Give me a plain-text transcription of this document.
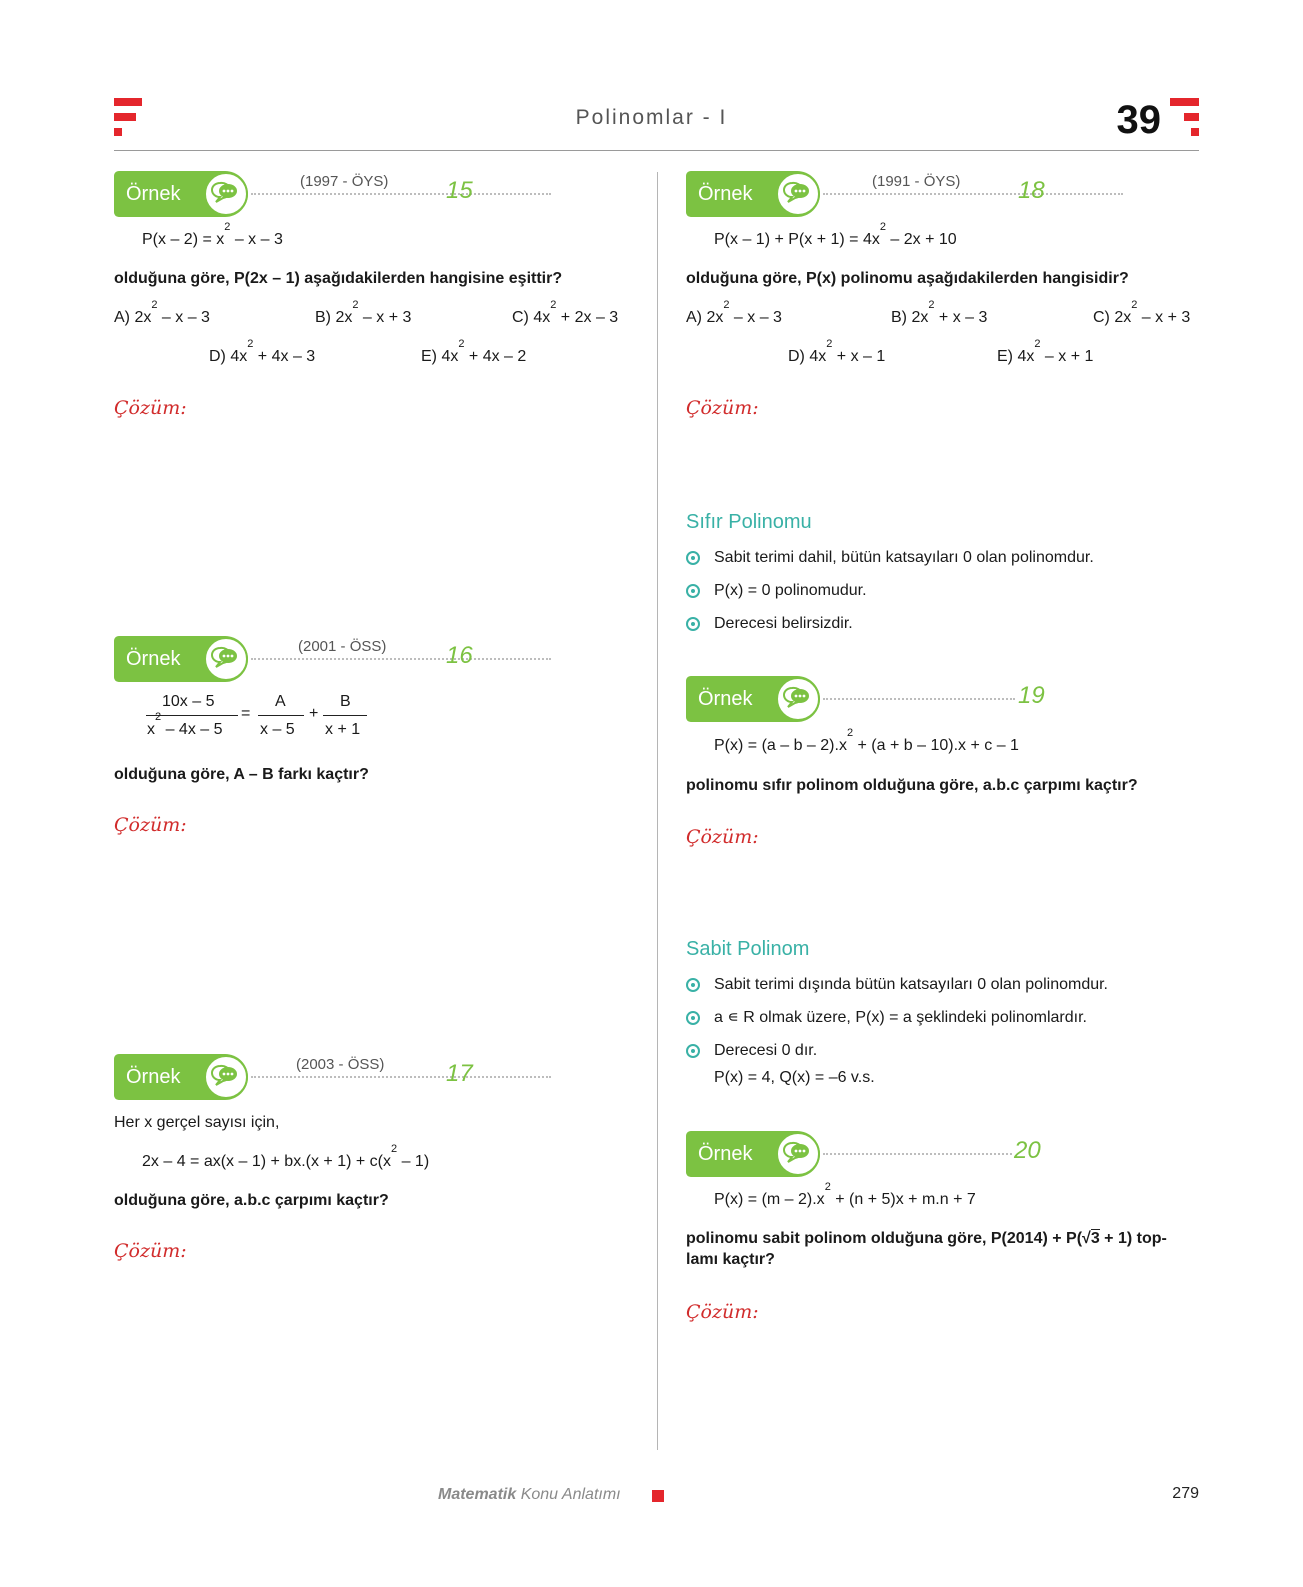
Polinomlar - I	39
Örnek
(1997 - ÖYS) 15
$P(x - 2) = x^2 - x - 3$
olduğuna göre, P(2x – 1) aşağıdakilerden hangisine eşittir?
A) $2x^2$ – x – 3	B) $2x^2 - x + 3$	C) $4x^2 + 2x - 3$
D) $4x^2 + 4x - 3$	E) $4x^2 + 4x - 2$
Çözüm:
Örnek
(2001 - ÖSS) 16
10x – 5
$x^2 - 4x - 5$
=
A
x – 5
+
B
x + 1
olduğuna göre, A – B farkı kaçtır?
Çözüm:
Örnek
(2003 - ÖSS)	17
Her x gerçel sayısı için,
$2x - 4 = ax(x - 1) + bx.(x + 1) + c(x^2 - 1)$
olduğuna göre, a.b.c çarpımı kaçtır?
Çözüm:
Örnek
(1991 - ÖYS) 18
$P(x - 1) + P(x + 1) = 4x^2 - 2x + 10$
olduğuna göre, P(x) polinomu aşağıdakilerden hangisidir?
A) $2x^2$ – x – 3	B) $2x^2 + x - 3$	C) $2x^2 - x + 3$
D) $4x^2 + x - 1$	E) $4x^2 - x + 1$
Çözüm:
Sıfır Polinomu
Sabit terimi dahil, bütün katsayıları 0 olan polinomdur.
P(x) = 0 polinomudur.
Derecesi belirsizdir.
Örnek	19
$P(x) = (a - b - 2).x^2 + (a + b - 10).x + c - 1$
polinomu sıfır polinom olduğuna göre, a.b.c çarpımı kaçtır?
Çözüm:
Sabit Polinom
Sabit terimi dışında bütün katsayıları 0 olan polinomdur.
a ∊ R olmak üzere, P(x) = a şeklindeki polinomlardır.
Derecesi 0 dır.
P(x) = 4, Q(x) = –6 v.s.
Örnek	20
$P(x) = (m - 2).x^2 + (n + 5)x + m.n + 7$
polinomu sabit polinom olduğuna göre, P(2014) + P(√3 + 1) top-
lamı kaçtır?
Çözüm:
Matematik Konu Anlatımı	279
